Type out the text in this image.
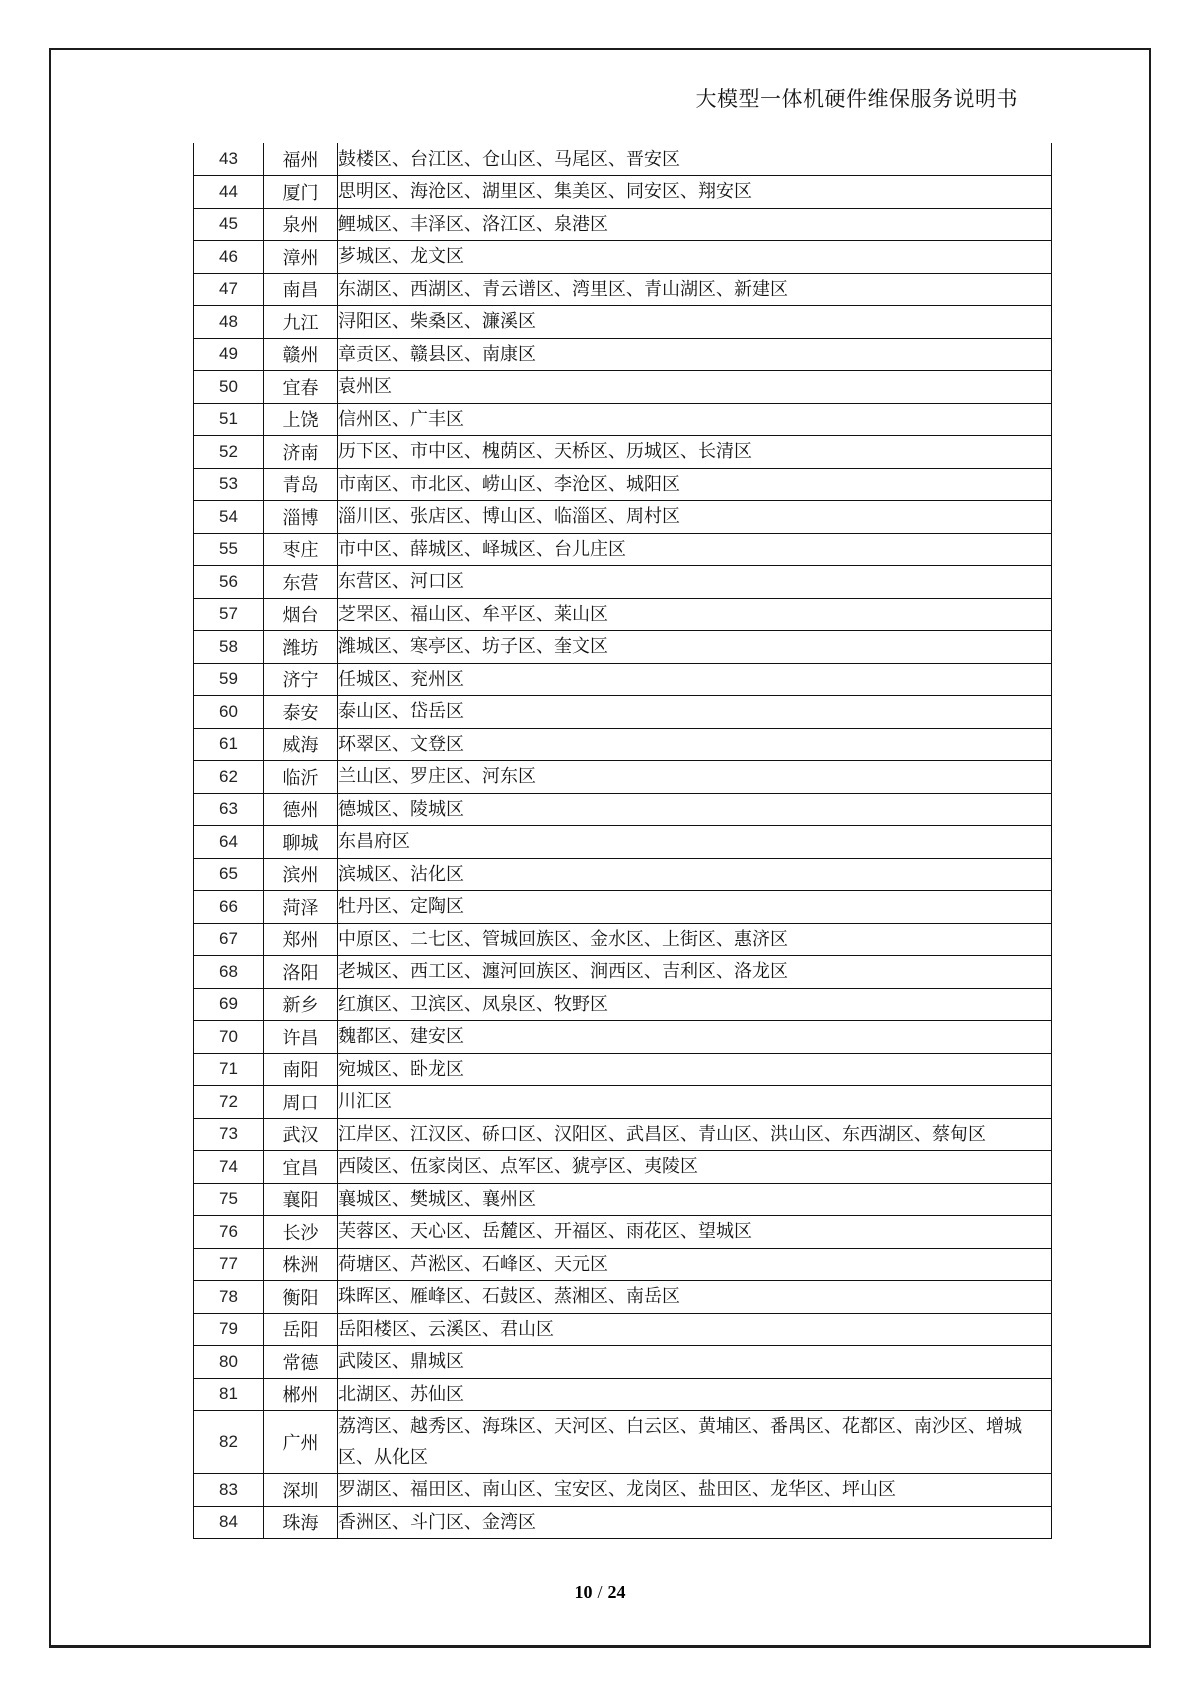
大模型一体机硬件维保服务说明书
43	福州	鼓楼区、台江区、仓山区、马尾区、晋安区
44	厦门	思明区、海沧区、湖里区、集美区、同安区、翔安区
45	泉州	鲤城区、丰泽区、洛江区、泉港区
46	漳州	芗城区、龙文区
47	南昌	东湖区、西湖区、青云谱区、湾里区、青山湖区、新建区
48	九江	浔阳区、柴桑区、濂溪区
49	赣州	章贡区、赣县区、南康区
50	宜春	袁州区
51	上饶	信州区、广丰区
52	济南	历下区、市中区、槐荫区、天桥区、历城区、长清区
53	青岛	市南区、市北区、崂山区、李沧区、城阳区
54	淄博	淄川区、张店区、博山区、临淄区、周村区
55	枣庄	市中区、薛城区、峄城区、台儿庄区
56	东营	东营区、河口区
57	烟台	芝罘区、福山区、牟平区、莱山区
58	潍坊	潍城区、寒亭区、坊子区、奎文区
59	济宁	任城区、兖州区
60	泰安	泰山区、岱岳区
61	威海	环翠区、文登区
62	临沂	兰山区、罗庄区、河东区
63	德州	德城区、陵城区
64	聊城	东昌府区
65	滨州	滨城区、沾化区
66	菏泽	牡丹区、定陶区
67	郑州	中原区、二七区、管城回族区、金水区、上街区、惠济区
68	洛阳	老城区、西工区、瀍河回族区、涧西区、吉利区、洛龙区
69	新乡	红旗区、卫滨区、凤泉区、牧野区
70	许昌	魏都区、建安区
71	南阳	宛城区、卧龙区
72	周口	川汇区
73	武汉	江岸区、江汉区、硚口区、汉阳区、武昌区、青山区、洪山区、东西湖区、蔡甸区
74	宜昌	西陵区、伍家岗区、点军区、猇亭区、夷陵区
75	襄阳	襄城区、樊城区、襄州区
76	长沙	芙蓉区、天心区、岳麓区、开福区、雨花区、望城区
77	株洲	荷塘区、芦淞区、石峰区、天元区
78	衡阳	珠晖区、雁峰区、石鼓区、蒸湘区、南岳区
79	岳阳	岳阳楼区、云溪区、君山区
80	常德	武陵区、鼎城区
81	郴州	北湖区、苏仙区
82	广州	荔湾区、越秀区、海珠区、天河区、白云区、黄埔区、番禺区、花都区、南沙区、增城区、从化区
83	深圳	罗湖区、福田区、南山区、宝安区、龙岗区、盐田区、龙华区、坪山区
84	珠海	香洲区、斗门区、金湾区
10 / 24
